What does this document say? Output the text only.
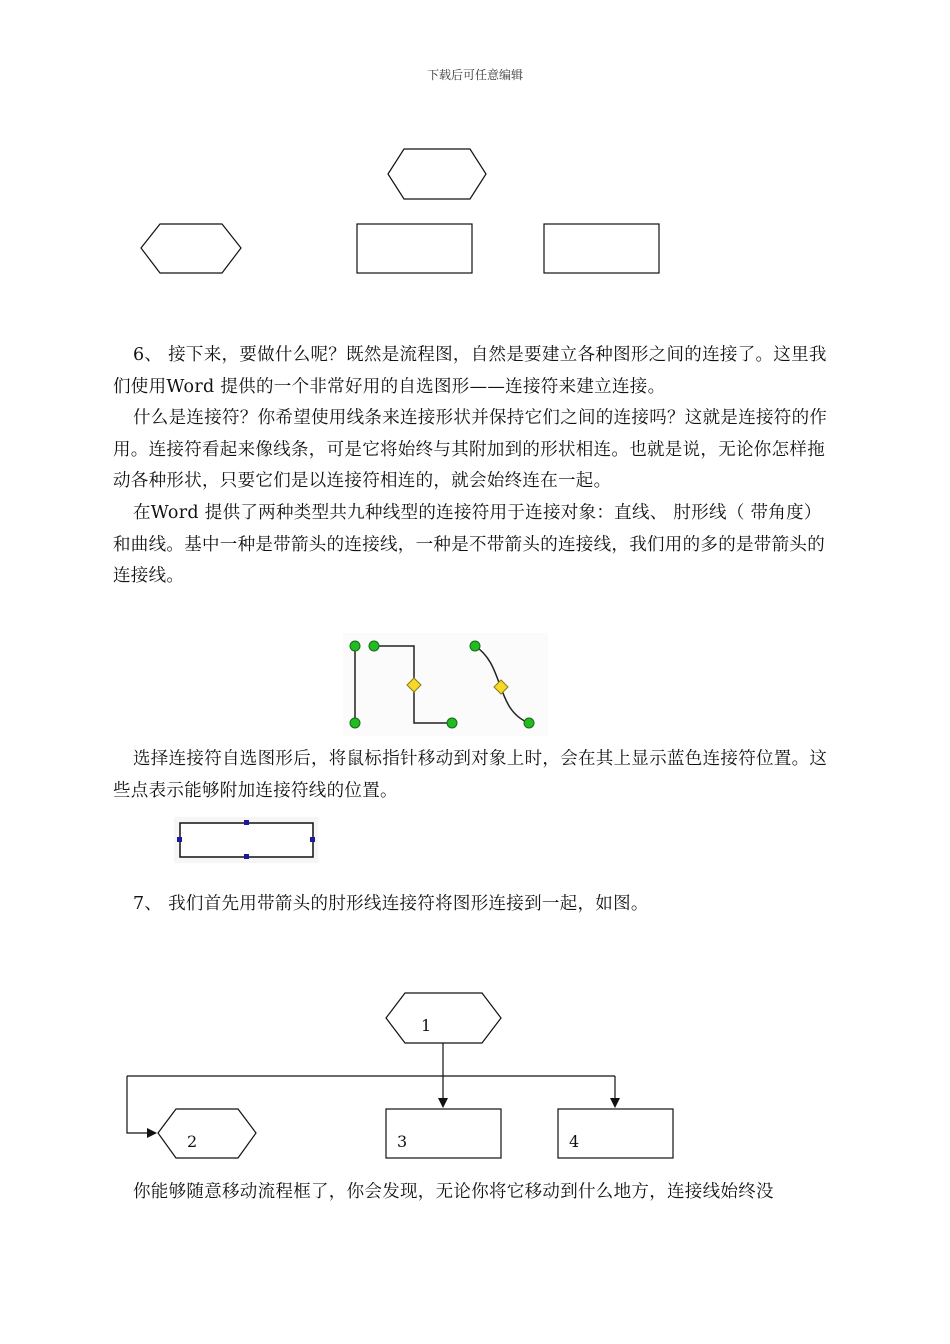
下载后可任意编辑

6、 接下来，要做什么呢？既然是流程图，自然是要建立各种图形之间的连接了。这里我们使用Word 提供的一个非常好用的自选图形——连接符来建立连接。

什么是连接符？你希望使用线条来连接形状并保持它们之间的连接吗？这就是连接符的作用。连接符看起来像线条，可是它将始终与其附加到的形状相连。也就是说，无论你怎样拖动各种形状，只要它们是以连接符相连的，就会始终连在一起。

在Word 提供了两种类型共九种线型的连接符用于连接对象：直线、 肘形线（ 带角度） 和曲线。基中一种是带箭头的连接线，一种是不带箭头的连接线，我们用的多的是带箭头的连接线。

选择连接符自选图形后，将鼠标指针移动到对象上时，会在其上显示蓝色连接符位置。这些点表示能够附加连接符线的位置。

7、 我们首先用带箭头的肘形线连接符将图形连接到一起，如图。

1
2	3	4

你能够随意移动流程框了，你会发现，无论你将它移动到什么地方，连接线始终没
